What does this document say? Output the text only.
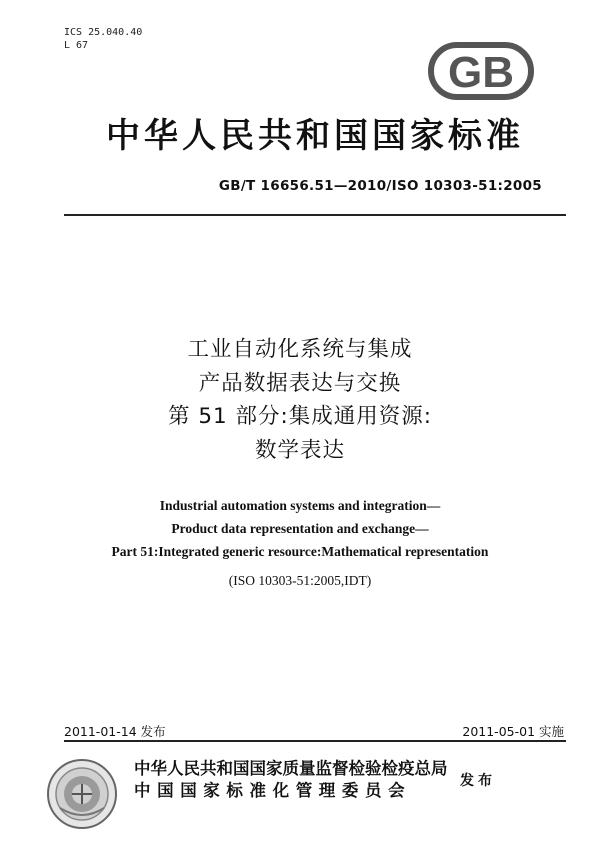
ICS 25.040.40
L 67
GB
中华人民共和国国家标准
GB/T 16656.51—2010/ISO 10303-51:2005
工业自动化系统与集成
产品数据表达与交换
第 51 部分:集成通用资源:
数学表达
Industrial automation systems and integration—
Product data representation and exchange—
Part 51:Integrated generic resource:Mathematical representation
(ISO 10303-51:2005,IDT)
2011-01-14 发布	2011-05-01 实施
中华人民共和国国家质量监督检验检疫总局
中国国家标准化管理委员会	发布
